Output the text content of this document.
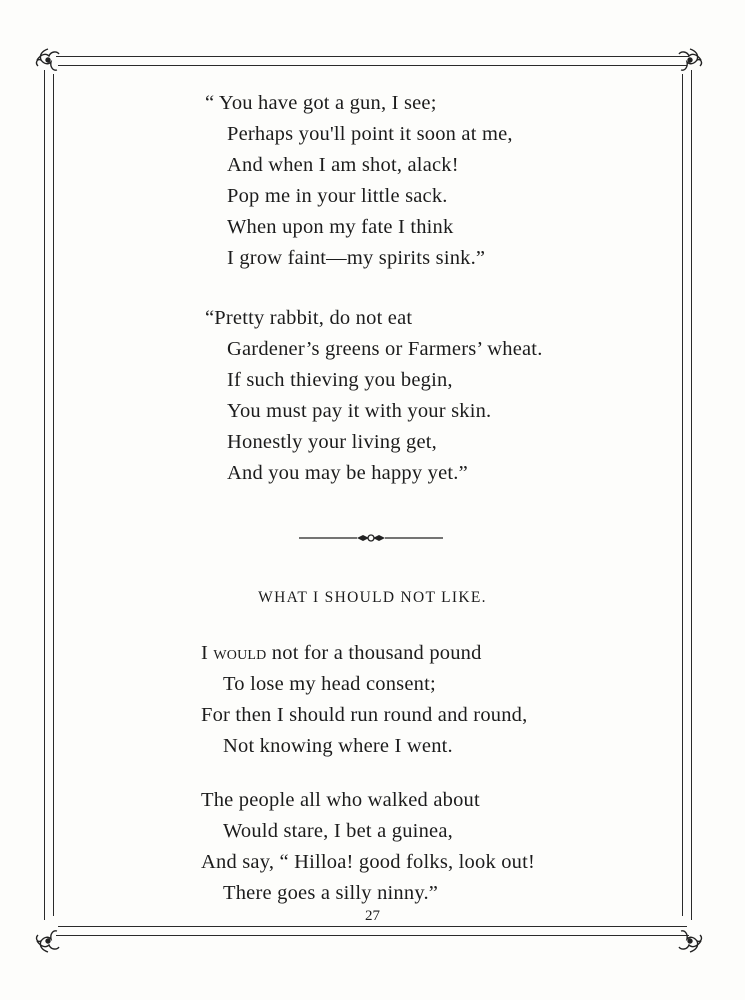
“ You have got a gun, I see;
Perhaps you'll point it soon at me,
And when I am shot, alack!
Pop me in your little sack.
When upon my fate I think
I grow faint—my spirits sink.”
“Pretty rabbit, do not eat
Gardener’s greens or Farmers’ wheat.
If such thieving you begin,
You must pay it with your skin.
Honestly your living get,
And you may be happy yet.”
WHAT I SHOULD NOT LIKE.
I would not for a thousand pound
To lose my head consent;
For then I should run round and round,
Not knowing where I went.
The people all who walked about
Would stare, I bet a guinea,
And say, “ Hilloa! good folks, look out!
There goes a silly ninny.”
27
